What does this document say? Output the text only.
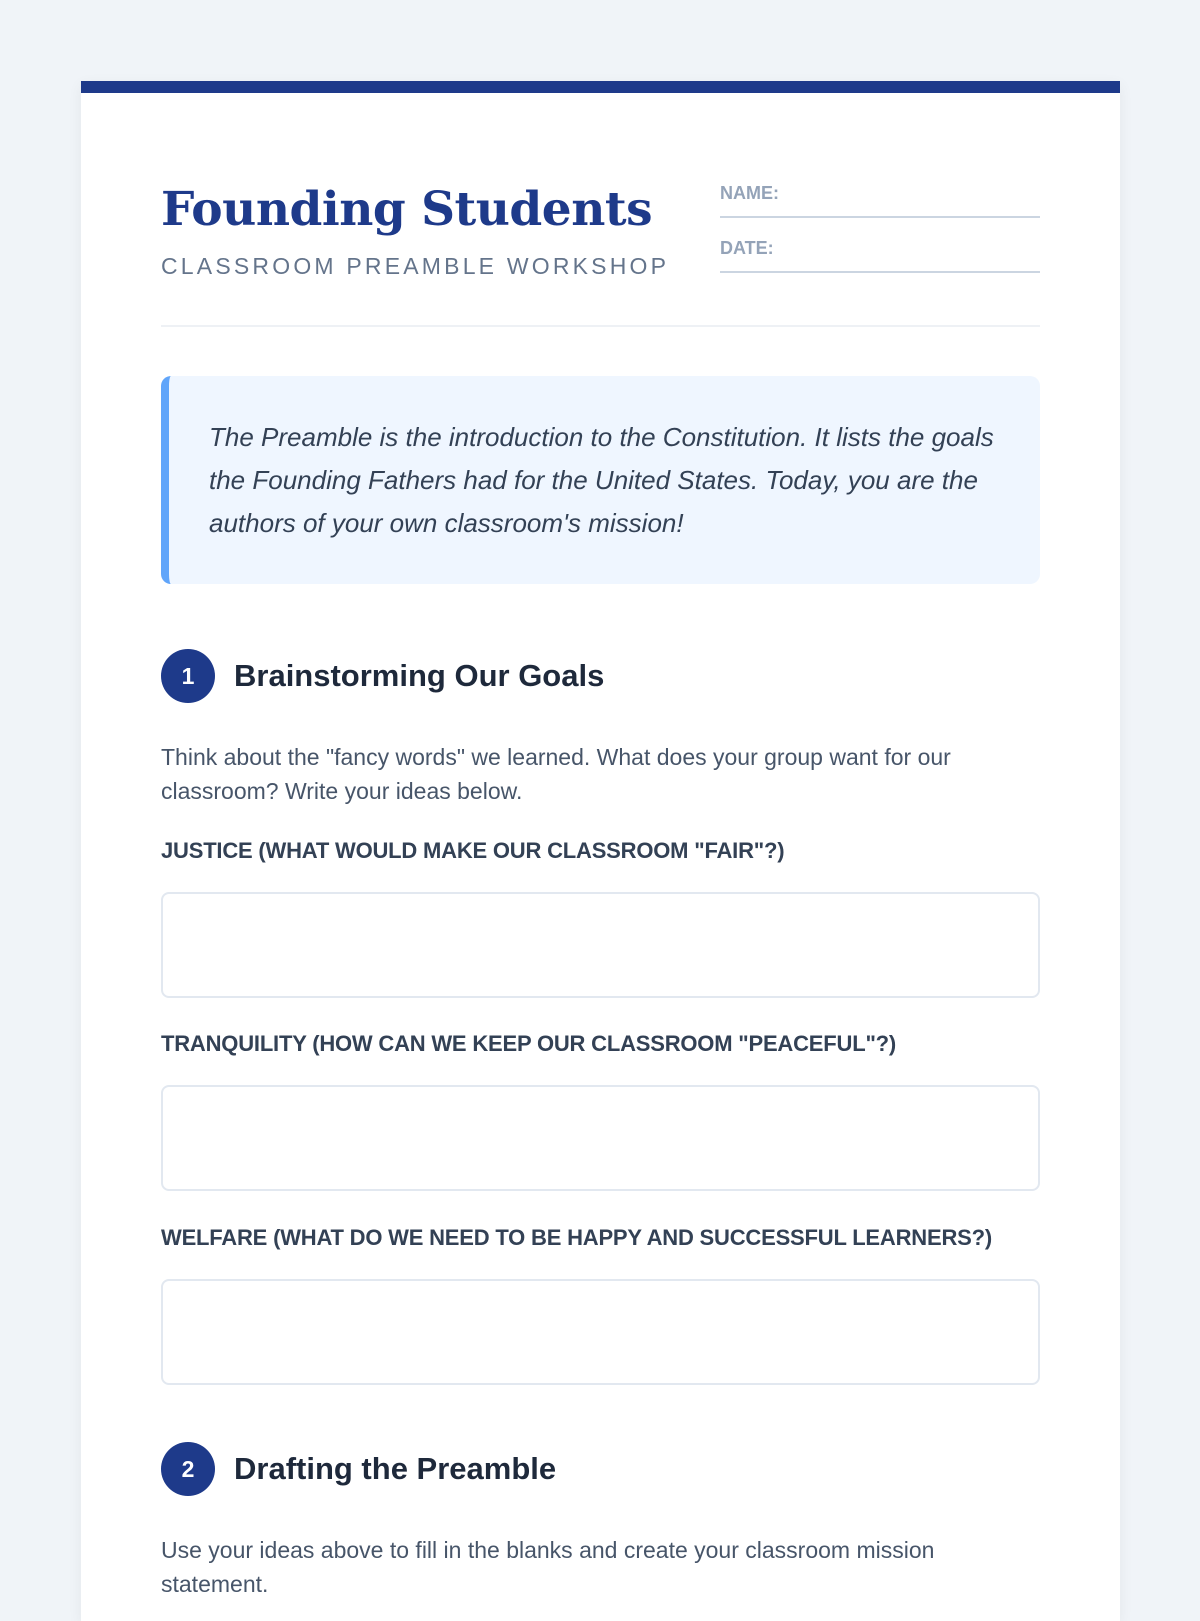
Founding Students
CLASSROOM PREAMBLE WORKSHOP
NAME:
DATE:

The Preamble is the introduction to the Constitution. It lists the goals the Founding Fathers had for the United States. Today, you are the authors of your own classroom's mission!

1	Brainstorming Our Goals

Think about the "fancy words" we learned. What does your group want for our classroom? Write your ideas below.

JUSTICE (WHAT WOULD MAKE OUR CLASSROOM "FAIR"?)
TRANQUILITY (HOW CAN WE KEEP OUR CLASSROOM "PEACEFUL"?)
WELFARE (WHAT DO WE NEED TO BE HAPPY AND SUCCESSFUL LEARNERS?)
2	Drafting the Preamble

Use your ideas above to fill in the blanks and create your classroom mission statement.
